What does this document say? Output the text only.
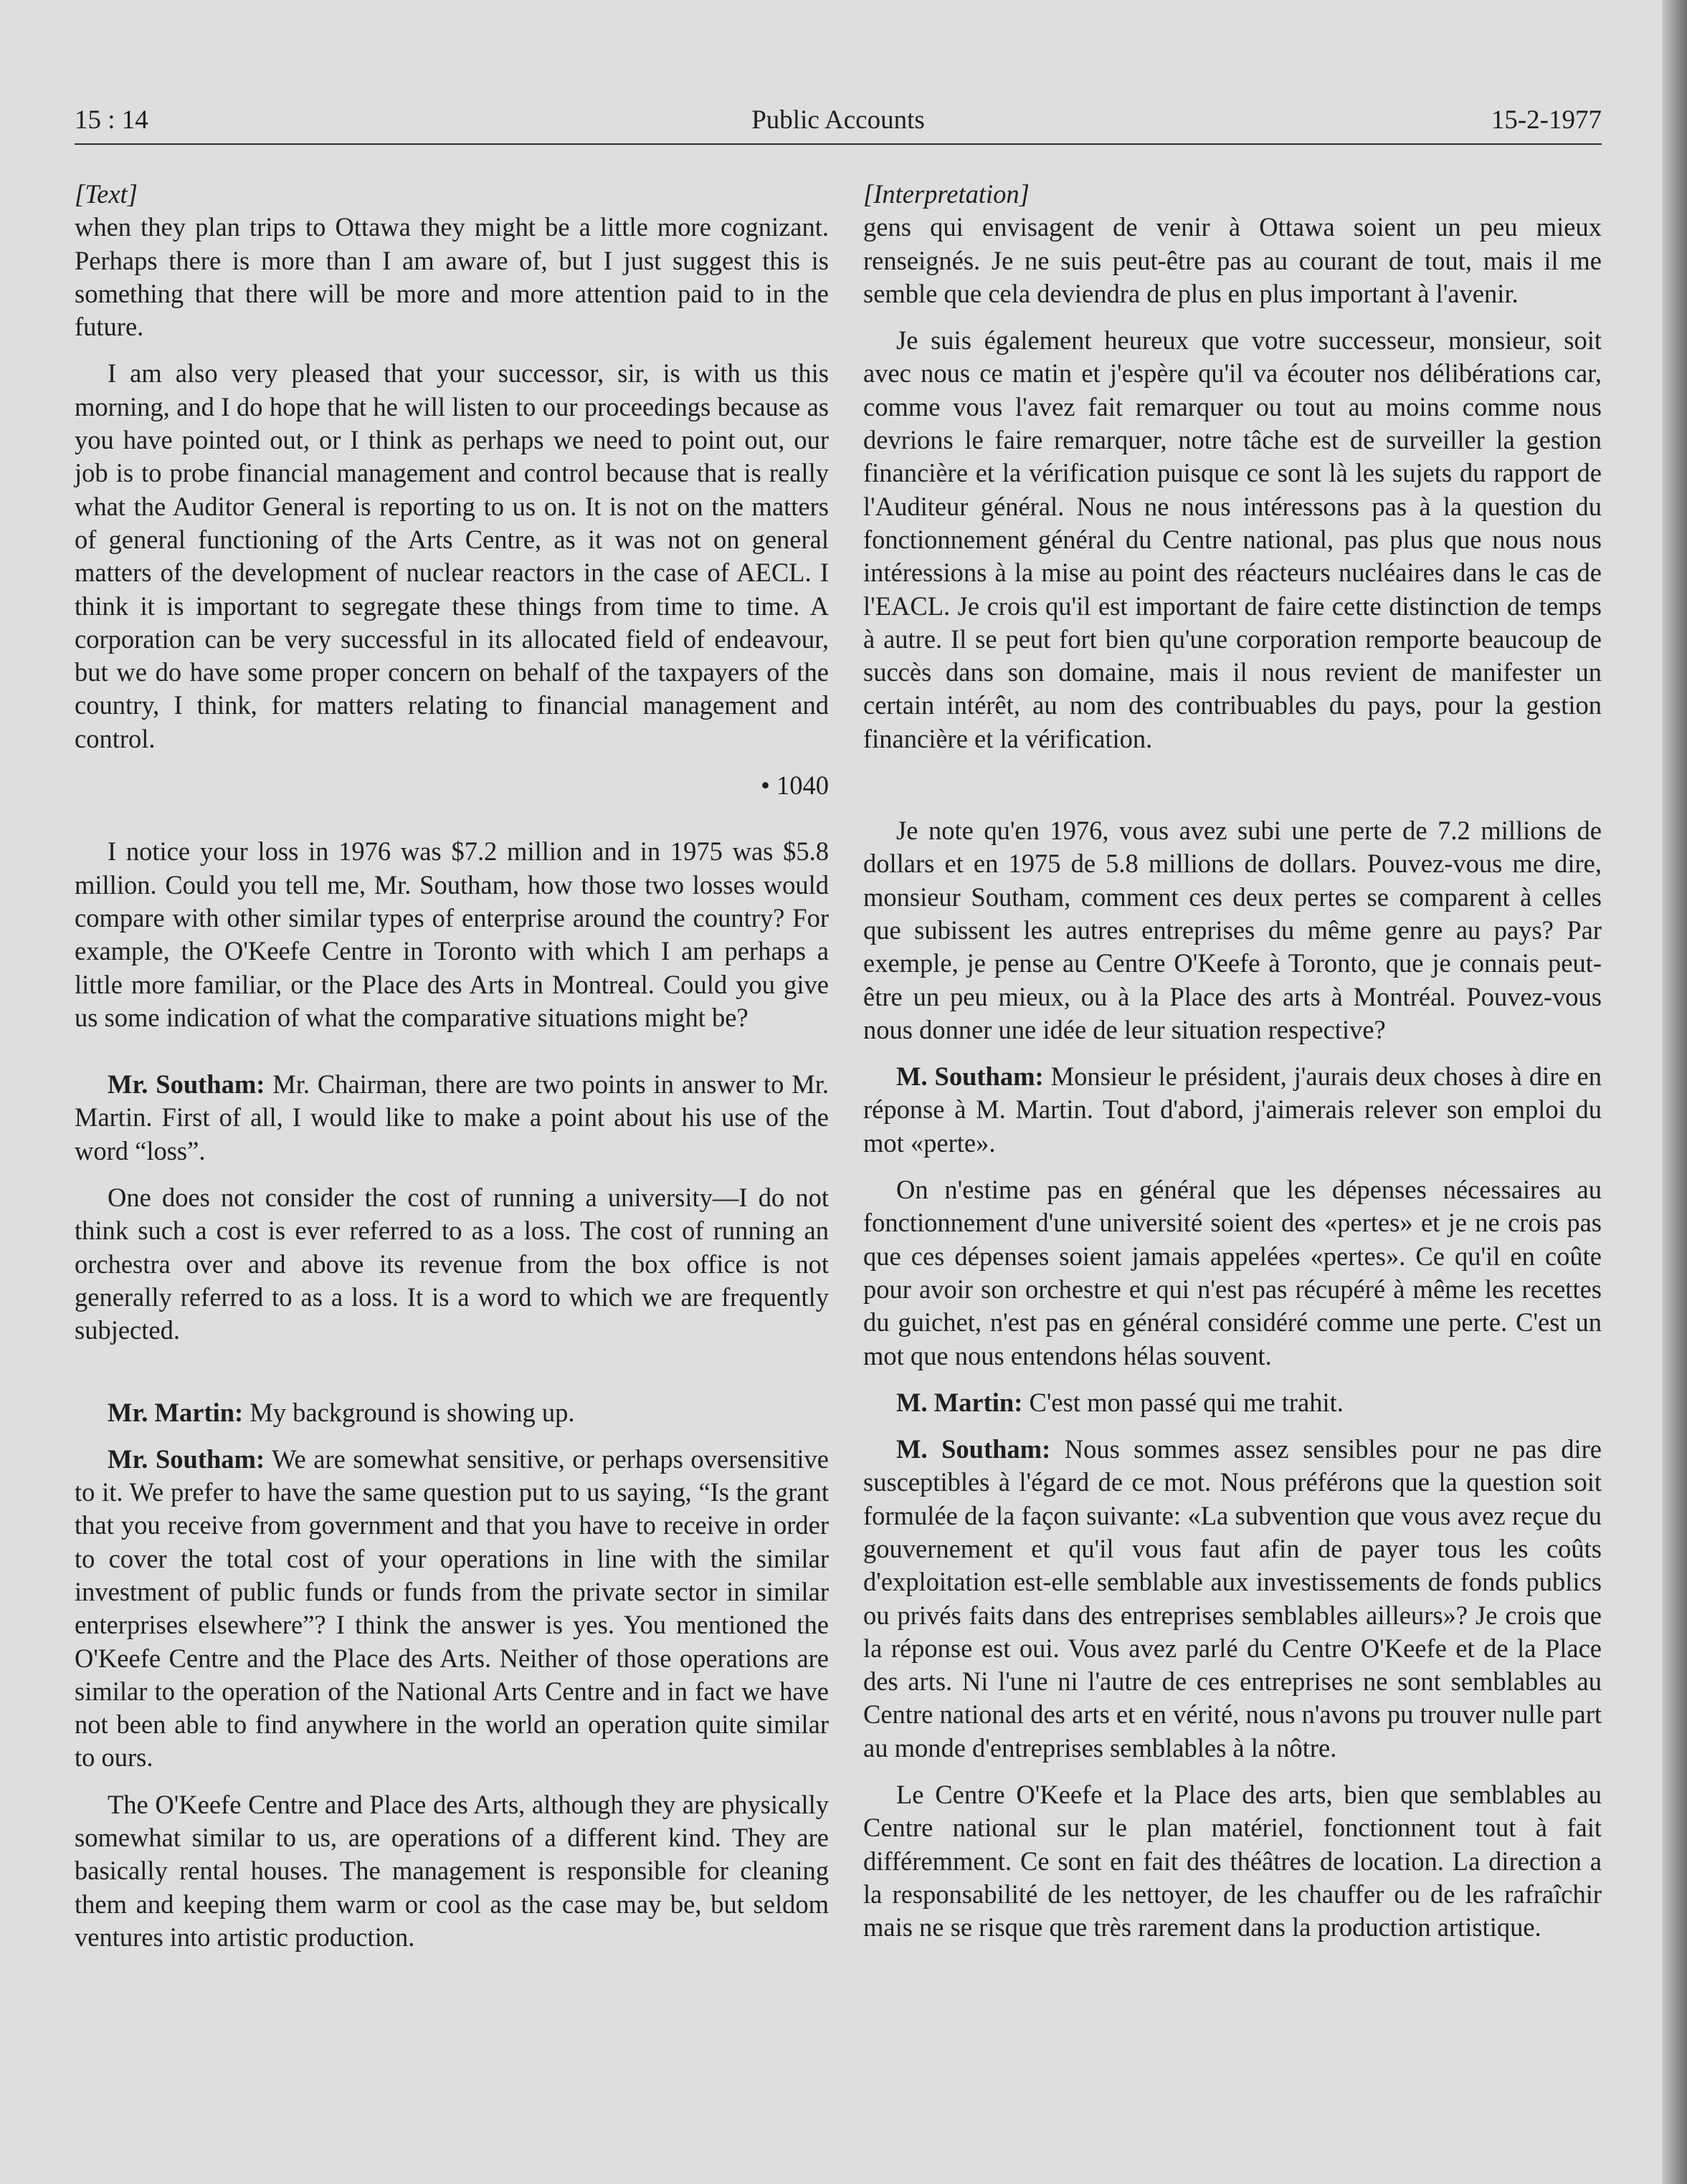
15 : 14	Public Accounts	15-2-1977

[Text]

when they plan trips to Ottawa they might be a little more cognizant. Perhaps there is more than I am aware of, but I just suggest this is something that there will be more and more attention paid to in the future.

I am also very pleased that your successor, sir, is with us this morning, and I do hope that he will listen to our proceedings because as you have pointed out, or I think as perhaps we need to point out, our job is to probe financial management and control because that is really what the Auditor General is reporting to us on. It is not on the matters of general functioning of the Arts Centre, as it was not on general matters of the development of nuclear reactors in the case of AECL. I think it is important to segregate these things from time to time. A corporation can be very successful in its allocated field of endeavour, but we do have some proper concern on behalf of the taxpayers of the country, I think, for matters relating to financial management and control.

• 1040

I notice your loss in 1976 was $7.2 million and in 1975 was $5.8 million. Could you tell me, Mr. Southam, how those two losses would compare with other similar types of enterprise around the country? For example, the O'Keefe Centre in Toronto with which I am perhaps a little more familiar, or the Place des Arts in Montreal. Could you give us some indication of what the comparative situations might be?

Mr. Southam: Mr. Chairman, there are two points in answer to Mr. Martin. First of all, I would like to make a point about his use of the word “loss”.

One does not consider the cost of running a university—I do not think such a cost is ever referred to as a loss. The cost of running an orchestra over and above its revenue from the box office is not generally referred to as a loss. It is a word to which we are frequently subjected.

Mr. Martin: My background is showing up.

Mr. Southam: We are somewhat sensitive, or perhaps oversensitive to it. We prefer to have the same question put to us saying, “Is the grant that you receive from government and that you have to receive in order to cover the total cost of your operations in line with the similar investment of public funds or funds from the private sector in similar enterprises elsewhere”? I think the answer is yes. You mentioned the O'Keefe Centre and the Place des Arts. Neither of those operations are similar to the operation of the National Arts Centre and in fact we have not been able to find anywhere in the world an operation quite similar to ours.

The O'Keefe Centre and Place des Arts, although they are physically somewhat similar to us, are operations of a different kind. They are basically rental houses. The management is responsible for cleaning them and keeping them warm or cool as the case may be, but seldom ventures into artistic production.

[Interpretation]

gens qui envisagent de venir à Ottawa soient un peu mieux renseignés. Je ne suis peut-être pas au courant de tout, mais il me semble que cela deviendra de plus en plus important à l'avenir.

Je suis également heureux que votre successeur, monsieur, soit avec nous ce matin et j'espère qu'il va écouter nos délibérations car, comme vous l'avez fait remarquer ou tout au moins comme nous devrions le faire remarquer, notre tâche est de surveiller la gestion financière et la vérification puisque ce sont là les sujets du rapport de l'Auditeur général. Nous ne nous intéressons pas à la question du fonctionnement général du Centre national, pas plus que nous nous intéressions à la mise au point des réacteurs nucléaires dans le cas de l'EACL. Je crois qu'il est important de faire cette distinction de temps à autre. Il se peut fort bien qu'une corporation remporte beaucoup de succès dans son domaine, mais il nous revient de manifester un certain intérêt, au nom des contribuables du pays, pour la gestion financière et la vérification.

Je note qu'en 1976, vous avez subi une perte de 7.2 millions de dollars et en 1975 de 5.8 millions de dollars. Pouvez-vous me dire, monsieur Southam, comment ces deux pertes se comparent à celles que subissent les autres entreprises du même genre au pays? Par exemple, je pense au Centre O'Keefe à Toronto, que je connais peut-être un peu mieux, ou à la Place des arts à Montréal. Pouvez-vous nous donner une idée de leur situation respective?

M. Southam: Monsieur le président, j'aurais deux choses à dire en réponse à M. Martin. Tout d'abord, j'aimerais relever son emploi du mot «perte».

On n'estime pas en général que les dépenses nécessaires au fonctionnement d'une université soient des «pertes» et je ne crois pas que ces dépenses soient jamais appelées «pertes». Ce qu'il en coûte pour avoir son orchestre et qui n'est pas récupéré à même les recettes du guichet, n'est pas en général considéré comme une perte. C'est un mot que nous entendons hélas souvent.

M. Martin: C'est mon passé qui me trahit.

M. Southam: Nous sommes assez sensibles pour ne pas dire susceptibles à l'égard de ce mot. Nous préférons que la question soit formulée de la façon suivante: «La subvention que vous avez reçue du gouvernement et qu'il vous faut afin de payer tous les coûts d'exploitation est-elle semblable aux investissements de fonds publics ou privés faits dans des entreprises semblables ailleurs»? Je crois que la réponse est oui. Vous avez parlé du Centre O'Keefe et de la Place des arts. Ni l'une ni l'autre de ces entreprises ne sont semblables au Centre national des arts et en vérité, nous n'avons pu trouver nulle part au monde d'entreprises semblables à la nôtre.

Le Centre O'Keefe et la Place des arts, bien que semblables au Centre national sur le plan matériel, fonctionnent tout à fait différemment. Ce sont en fait des théâtres de location. La direction a la responsabilité de les nettoyer, de les chauffer ou de les rafraîchir mais ne se risque que très rarement dans la production artistique.
